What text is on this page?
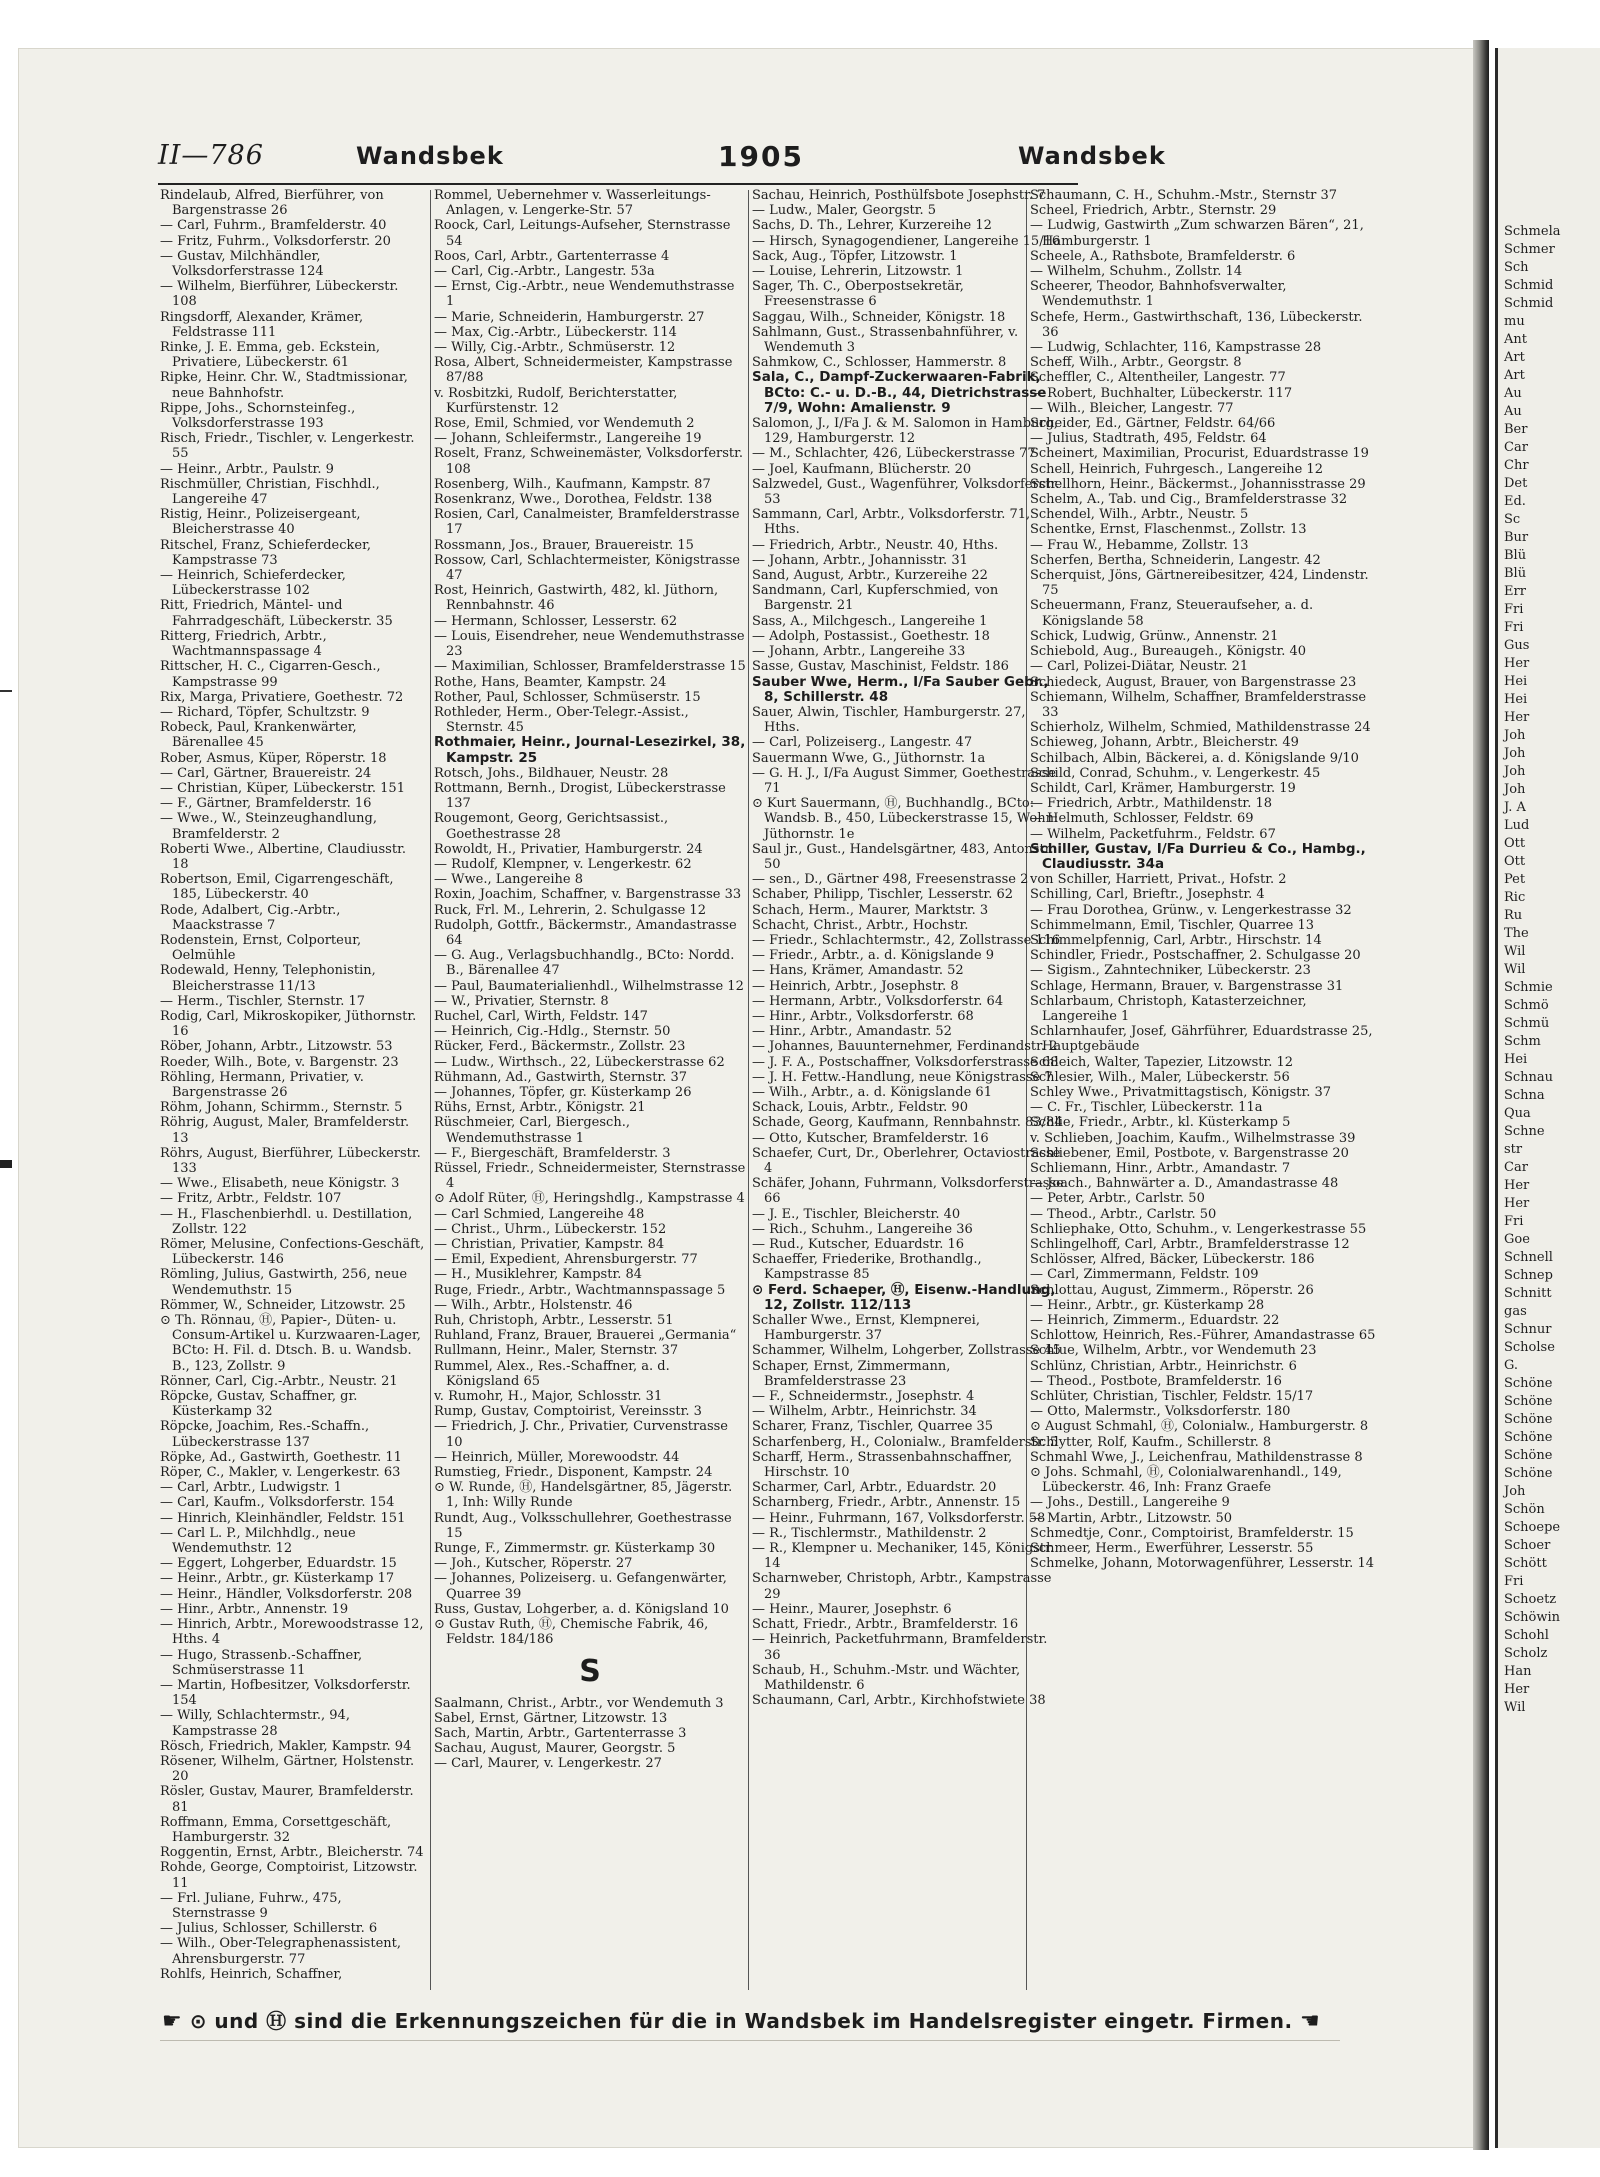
II—786	Wandsbek	1905	Wandsbek

Rindelaub, Alfred, Bierführer, von Bargenstrasse 26

— Carl, Fuhrm., Bramfelderstr. 40

— Fritz, Fuhrm., Volksdorferstr. 20

— Gustav, Milchhändler, Volksdorferstrasse 124

— Wilhelm, Bierführer, Lübeckerstr. 108

Ringsdorff, Alexander, Krämer, Feldstrasse 111

Rinke, J. E. Emma, geb. Eckstein, Privatiere, Lübeckerstr. 61

Ripke, Heinr. Chr. W., Stadtmissionar, neue Bahnhofstr.

Rippe, Johs., Schornsteinfeg., Volksdorferstrasse 193

Risch, Friedr., Tischler, v. Lengerkestr. 55

— Heinr., Arbtr., Paulstr. 9

Rischmüller, Christian, Fischhdl., Langereihe 47

Ristig, Heinr., Polizeisergeant, Bleicherstrasse 40

Ritschel, Franz, Schieferdecker, Kampstrasse 73

— Heinrich, Schieferdecker, Lübeckerstrasse 102

Ritt, Friedrich, Mäntel- und Fahrradgeschäft, Lübeckerstr. 35

Ritterg, Friedrich, Arbtr., Wachtmannspassage 4

Rittscher, H. C., Cigarren-Gesch., Kampstrasse 99

Rix, Marga, Privatiere, Goethestr. 72

— Richard, Töpfer, Schultzstr. 9

Robeck, Paul, Krankenwärter, Bärenallee 45

Rober, Asmus, Küper, Röperstr. 18

— Carl, Gärtner, Brauereistr. 24

— Christian, Küper, Lübeckerstr. 151

— F., Gärtner, Bramfelderstr. 16

— Wwe., W., Steinzeughandlung, Bramfelderstr. 2

Roberti Wwe., Albertine, Claudiusstr. 18

Robertson, Emil, Cigarrengeschäft, 185, Lübeckerstr. 40

Rode, Adalbert, Cig.-Arbtr., Maackstrasse 7

Rodenstein, Ernst, Colporteur, Oelmühle

Rodewald, Henny, Telephonistin, Bleicherstrasse 11/13

— Herm., Tischler, Sternstr. 17

Rodig, Carl, Mikroskopiker, Jüthornstr. 16

Röber, Johann, Arbtr., Litzowstr. 53

Roeder, Wilh., Bote, v. Bargenstr. 23

Röhling, Hermann, Privatier, v. Bargenstrasse 26

Röhm, Johann, Schirmm., Sternstr. 5

Röhrig, August, Maler, Bramfelderstr. 13

Röhrs, August, Bierführer, Lübeckerstr. 133

— Wwe., Elisabeth, neue Königstr. 3

— Fritz, Arbtr., Feldstr. 107

— H., Flaschenbierhdl. u. Destillation, Zollstr. 122

Römer, Melusine, Confections-Geschäft, Lübeckerstr. 146

Römling, Julius, Gastwirth, 256, neue Wendemuthstr. 15

Römmer, W., Schneider, Litzowstr. 25

⊙ Th. Rönnau, Ⓗ, Papier-, Düten- u. Consum-Artikel u. Kurzwaaren-Lager, BCto: H. Fil. d. Dtsch. B. u. Wandsb. B., 123, Zollstr. 9

Rönner, Carl, Cig.-Arbtr., Neustr. 21

Röpcke, Gustav, Schaffner, gr. Küsterkamp 32

Röpcke, Joachim, Res.-Schaffn., Lübeckerstrasse 137

Röpke, Ad., Gastwirth, Goethestr. 11

Röper, C., Makler, v. Lengerkestr. 63

— Carl, Arbtr., Ludwigstr. 1

— Carl, Kaufm., Volksdorferstr. 154

— Hinrich, Kleinhändler, Feldstr. 151

— Carl L. P., Milchhdlg., neue Wendemuthstr. 12

— Eggert, Lohgerber, Eduardstr. 15

— Heinr., Arbtr., gr. Küsterkamp 17

— Heinr., Händler, Volksdorferstr. 208

— Hinr., Arbtr., Annenstr. 19

— Hinrich, Arbtr., Morewoodstrasse 12, Hths. 4

— Hugo, Strassenb.-Schaffner, Schmüserstrasse 11

— Martin, Hofbesitzer, Volksdorferstr. 154

— Willy, Schlachtermstr., 94, Kampstrasse 28

Rösch, Friedrich, Makler, Kampstr. 94

Rösener, Wilhelm, Gärtner, Holstenstr. 20

Rösler, Gustav, Maurer, Bramfelderstr. 81

Roffmann, Emma, Corsettgeschäft, Hamburgerstr. 32

Roggentin, Ernst, Arbtr., Bleicherstr. 74

Rohde, George, Comptoirist, Litzowstr. 11

— Frl. Juliane, Fuhrw., 475, Sternstrasse 9

— Julius, Schlosser, Schillerstr. 6

— Wilh., Ober-Telegraphenassistent, Ahrensburgerstr. 77

Rohlfs, Heinrich, Schaffner,

Rommel, Uebernehmer v. Wasserleitungs-Anlagen, v. Lengerke-Str. 57

Roock, Carl, Leitungs-Aufseher, Sternstrasse 54

Roos, Carl, Arbtr., Gartenterrasse 4

— Carl, Cig.-Arbtr., Langestr. 53a

— Ernst, Cig.-Arbtr., neue Wendemuthstrasse 1

— Marie, Schneiderin, Hamburgerstr. 27

— Max, Cig.-Arbtr., Lübeckerstr. 114

— Willy, Cig.-Arbtr., Schmüserstr. 12

Rosa, Albert, Schneidermeister, Kampstrasse 87/88

v. Rosbitzki, Rudolf, Berichterstatter, Kurfürstenstr. 12

Rose, Emil, Schmied, vor Wendemuth 2

— Johann, Schleifermstr., Langereihe 19

Roselt, Franz, Schweinemäster, Volksdorferstr. 108

Rosenberg, Wilh., Kaufmann, Kampstr. 87

Rosenkranz, Wwe., Dorothea, Feldstr. 138

Rosien, Carl, Canalmeister, Bramfelderstrasse 17

Rossmann, Jos., Brauer, Brauereistr. 15

Rossow, Carl, Schlachtermeister, Königstrasse 47

Rost, Heinrich, Gastwirth, 482, kl. Jüthorn, Rennbahnstr. 46

— Hermann, Schlosser, Lesserstr. 62

— Louis, Eisendreher, neue Wendemuthstrasse 23

— Maximilian, Schlosser, Bramfelderstrasse 15

Rothe, Hans, Beamter, Kampstr. 24

Rother, Paul, Schlosser, Schmüserstr. 15

Rothleder, Herm., Ober-Telegr.-Assist., Sternstr. 45

Rothmaier, Heinr., Journal-Lesezirkel, 38, Kampstr. 25

Rotsch, Johs., Bildhauer, Neustr. 28

Rottmann, Bernh., Drogist, Lübeckerstrasse 137

Rougemont, Georg, Gerichtsassist., Goethestrasse 28

Rowoldt, H., Privatier, Hamburgerstr. 24

— Rudolf, Klempner, v. Lengerkestr. 62

— Wwe., Langereihe 8

Roxin, Joachim, Schaffner, v. Bargenstrasse 33

Ruck, Frl. M., Lehrerin, 2. Schulgasse 12

Rudolph, Gottfr., Bäckermstr., Amandastrasse 64

— G. Aug., Verlagsbuchhandlg., BCto: Nordd. B., Bärenallee 47

— Paul, Baumaterialienhdl., Wilhelmstrasse 12

— W., Privatier, Sternstr. 8

Ruchel, Carl, Wirth, Feldstr. 147

— Heinrich, Cig.-Hdlg., Sternstr. 50

Rücker, Ferd., Bäckermstr., Zollstr. 23

— Ludw., Wirthsch., 22, Lübeckerstrasse 62

Rühmann, Ad., Gastwirth, Sternstr. 37

— Johannes, Töpfer, gr. Küsterkamp 26

Rühs, Ernst, Arbtr., Königstr. 21

Rüschmeier, Carl, Biergesch., Wendemuthstrasse 1

— F., Biergeschäft, Bramfelderstr. 3

Rüssel, Friedr., Schneidermeister, Sternstrasse 4

⊙ Adolf Rüter, Ⓗ, Heringshdlg., Kampstrasse 4

— Carl Schmied, Langereihe 48

— Christ., Uhrm., Lübeckerstr. 152

— Christian, Privatier, Kampstr. 84

— Emil, Expedient, Ahrensburgerstr. 77

— H., Musiklehrer, Kampstr. 84

Ruge, Friedr., Arbtr., Wachtmannspassage 5

— Wilh., Arbtr., Holstenstr. 46

Ruh, Christoph, Arbtr., Lesserstr. 51

Ruhland, Franz, Brauer, Brauerei „Germania“

Rullmann, Heinr., Maler, Sternstr. 37

Rummel, Alex., Res.-Schaffner, a. d. Königsland 65

v. Rumohr, H., Major, Schlosstr. 31

Rump, Gustav, Comptoirist, Vereinsstr. 3

— Friedrich, J. Chr., Privatier, Curvenstrasse 10

— Heinrich, Müller, Morewoodstr. 44

Rumstieg, Friedr., Disponent, Kampstr. 24

⊙ W. Runde, Ⓗ, Handelsgärtner, 85, Jägerstr. 1, Inh: Willy Runde

Rundt, Aug., Volksschullehrer, Goethestrasse 15

Runge, F., Zimmermstr. gr. Küsterkamp 30

— Joh., Kutscher, Röperstr. 27

— Johannes, Polizeiserg. u. Gefangenwärter, Quarree 39

Russ, Gustav, Lohgerber, a. d. Königsland 10

⊙ Gustav Ruth, Ⓗ, Chemische Fabrik, 46, Feldstr. 184/186

S

Saalmann, Christ., Arbtr., vor Wendemuth 3

Sabel, Ernst, Gärtner, Litzowstr. 13

Sach, Martin, Arbtr., Gartenterrasse 3

Sachau, August, Maurer, Georgstr. 5

— Carl, Maurer, v. Lengerkestr. 27

Sachau, Heinrich, Posthülfsbote Josephstr. 7

— Ludw., Maler, Georgstr. 5

Sachs, D. Th., Lehrer, Kurzereihe 12

— Hirsch, Synagogendiener, Langereihe 15/16

Sack, Aug., Töpfer, Litzowstr. 1

— Louise, Lehrerin, Litzowstr. 1

Sager, Th. C., Oberpostsekretär, Freesenstrasse 6

Saggau, Wilh., Schneider, Königstr. 18

Sahlmann, Gust., Strassenbahnführer, v. Wendemuth 3

Sahmkow, C., Schlosser, Hammerstr. 8

Sala, C., Dampf-Zuckerwaaren-Fabrik, BCto: C.- u. D.-B., 44, Dietrichstrasse 7/9, Wohn: Amalienstr. 9

Salomon, J., I/Fa J. & M. Salomon in Hamburg, 129, Hamburgerstr. 12

— M., Schlachter, 426, Lübeckerstrasse 77

— Joel, Kaufmann, Blücherstr. 20

Salzwedel, Gust., Wagenführer, Volksdorferstr. 53

Sammann, Carl, Arbtr., Volksdorferstr. 71, Hths.

— Friedrich, Arbtr., Neustr. 40, Hths.

— Johann, Arbtr., Johannisstr. 31

Sand, August, Arbtr., Kurzereihe 22

Sandmann, Carl, Kupferschmied, von Bargenstr. 21

Sass, A., Milchgesch., Langereihe 1

— Adolph, Postassist., Goethestr. 18

— Johann, Arbtr., Langereihe 33

Sasse, Gustav, Maschinist, Feldstr. 186

Sauber Wwe, Herm., I/Fa Sauber Gebr., 8, Schillerstr. 48

Sauer, Alwin, Tischler, Hamburgerstr. 27, Hths.

— Carl, Polizeiserg., Langestr. 47

Sauermann Wwe, G., Jüthornstr. 1a

— G. H. J., I/Fa August Simmer, Goethestrasse 71

⊙ Kurt Sauermann, Ⓗ, Buchhandlg., BCto: Wandsb. B., 450, Lübeckerstrasse 15, Wohn: Jüthornstr. 1e

Saul jr., Gust., Handelsgärtner, 483, Antonstr. 50

— sen., D., Gärtner 498, Freesenstrasse 2

Schaber, Philipp, Tischler, Lesserstr. 62

Schach, Herm., Maurer, Marktstr. 3

Schacht, Christ., Arbtr., Hochstr.

— Friedr., Schlachtermstr., 42, Zollstrasse 116

— Friedr., Arbtr., a. d. Königslande 9

— Hans, Krämer, Amandastr. 52

— Heinrich, Arbtr., Josephstr. 8

— Hermann, Arbtr., Volksdorferstr. 64

— Hinr., Arbtr., Volksdorferstr. 68

— Hinr., Arbtr., Amandastr. 52

— Johannes, Bauunternehmer, Ferdinandstr. 2

— J. F. A., Postschaffner, Volksdorferstrasse 68

— J. H. Fettw.-Handlung, neue Königstrasse 7

— Wilh., Arbtr., a. d. Königslande 61

Schack, Louis, Arbtr., Feldstr. 90

Schade, Georg, Kaufmann, Rennbahnstr. 83/84

— Otto, Kutscher, Bramfelderstr. 16

Schaefer, Curt, Dr., Oberlehrer, Octaviostrasse 4

Schäfer, Johann, Fuhrmann, Volksdorferstrasse 66

— J. E., Tischler, Bleicherstr. 40

— Rich., Schuhm., Langereihe 36

— Rud., Kutscher, Eduardstr. 16

Schaeffer, Friederike, Brothandlg., Kampstrasse 85

⊙ Ferd. Schaeper, Ⓗ, Eisenw.-Handlung, 12, Zollstr. 112/113

Schaller Wwe., Ernst, Klempnerei, Hamburgerstr. 37

Schammer, Wilhelm, Lohgerber, Zollstrasse 45

Schaper, Ernst, Zimmermann, Bramfelderstrasse 23

— F., Schneidermstr., Josephstr. 4

— Wilhelm, Arbtr., Heinrichstr. 34

Scharer, Franz, Tischler, Quarree 35

Scharfenberg, H., Colonialw., Bramfelderstr. 5

Scharff, Herm., Strassenbahnschaffner, Hirschstr. 10

Scharmer, Carl, Arbtr., Eduardstr. 20

Scharnberg, Friedr., Arbtr., Annenstr. 15

— Heinr., Fuhrmann, 167, Volksdorferstr. 58

— R., Tischlermstr., Mathildenstr. 2

— R., Klempner u. Mechaniker, 145, Königstr. 14

Scharnweber, Christoph, Arbtr., Kampstrasse 29

— Heinr., Maurer, Josephstr. 6

Schatt, Friedr., Arbtr., Bramfelderstr. 16

— Heinrich, Packetfuhrmann, Bramfelderstr. 36

Schaub, H., Schuhm.-Mstr. und Wächter, Mathildenstr. 6

Schaumann, Carl, Arbtr., Kirchhofstwiete 38

Schaumann, C. H., Schuhm.-Mstr., Sternstr 37

Scheel, Friedrich, Arbtr., Sternstr. 29

— Ludwig, Gastwirth „Zum schwarzen Bären“, 21, Hamburgerstr. 1

Scheele, A., Rathsbote, Bramfelderstr. 6

— Wilhelm, Schuhm., Zollstr. 14

Scheerer, Theodor, Bahnhofsverwalter, Wendemuthstr. 1

Schefe, Herm., Gastwirthschaft, 136, Lübeckerstr. 36

— Ludwig, Schlachter, 116, Kampstrasse 28

Scheff, Wilh., Arbtr., Georgstr. 8

Scheffler, C., Altentheiler, Langestr. 77

— Robert, Buchhalter, Lübeckerstr. 117

— Wilh., Bleicher, Langestr. 77

Scheider, Ed., Gärtner, Feldstr. 64/66

— Julius, Stadtrath, 495, Feldstr. 64

Scheinert, Maximilian, Procurist, Eduardstrasse 19

Schell, Heinrich, Fuhrgesch., Langereihe 12

Schellhorn, Heinr., Bäckermst., Johannisstrasse 29

Schelm, A., Tab. und Cig., Bramfelderstrasse 32

Schendel, Wilh., Arbtr., Neustr. 5

Schentke, Ernst, Flaschenmst., Zollstr. 13

— Frau W., Hebamme, Zollstr. 13

Scherfen, Bertha, Schneiderin, Langestr. 42

Scherquist, Jöns, Gärtnereibesitzer, 424, Lindenstr. 75

Scheuermann, Franz, Steueraufseher, a. d. Königslande 58

Schick, Ludwig, Grünw., Annenstr. 21

Schiebold, Aug., Bureaugeh., Königstr. 40

— Carl, Polizei-Diätar, Neustr. 21

Schiedeck, August, Brauer, von Bargenstrasse 23

Schiemann, Wilhelm, Schaffner, Bramfelderstrasse 33

Schierholz, Wilhelm, Schmied, Mathildenstrasse 24

Schieweg, Johann, Arbtr., Bleicherstr. 49

Schilbach, Albin, Bäckerei, a. d. Königslande 9/10

Schild, Conrad, Schuhm., v. Lengerkestr. 45

Schildt, Carl, Krämer, Hamburgerstr. 19

— Friedrich, Arbtr., Mathildenstr. 18

— Helmuth, Schlosser, Feldstr. 69

— Wilhelm, Packetfuhrm., Feldstr. 67

Schiller, Gustav, I/Fa Durrieu & Co., Hambg., Claudiusstr. 34a

von Schiller, Harriett, Privat., Hofstr. 2

Schilling, Carl, Brieftr., Josephstr. 4

— Frau Dorothea, Grünw., v. Lengerkestrasse 32

Schimmelmann, Emil, Tischler, Quarree 13

Schimmelpfennig, Carl, Arbtr., Hirschstr. 14

Schindler, Friedr., Postschaffner, 2. Schulgasse 20

— Sigism., Zahntechniker, Lübeckerstr. 23

Schlage, Hermann, Brauer, v. Bargenstrasse 31

Schlarbaum, Christoph, Katasterzeichner, Langereihe 1

Schlarnhaufer, Josef, Gährführer, Eduardstrasse 25, Hauptgebäude

Schleich, Walter, Tapezier, Litzowstr. 12

Schlesier, Wilh., Maler, Lübeckerstr. 56

Schley Wwe., Privatmittagstisch, Königstr. 37

— C. Fr., Tischler, Lübeckerstr. 11a

Schlie, Friedr., Arbtr., kl. Küsterkamp 5

v. Schlieben, Joachim, Kaufm., Wilhelmstrasse 39

Schliebener, Emil, Postbote, v. Bargenstrasse 20

Schliemann, Hinr., Arbtr., Amandastr. 7

— Joach., Bahnwärter a. D., Amandastrasse 48

— Peter, Arbtr., Carlstr. 50

— Theod., Arbtr., Carlstr. 50

Schliephake, Otto, Schuhm., v. Lengerkestrasse 55

Schlingelhoff, Carl, Arbtr., Bramfelderstrasse 12

Schlösser, Alfred, Bäcker, Lübeckerstr. 186

— Carl, Zimmermann, Feldstr. 109

Schlottau, August, Zimmerm., Röperstr. 26

— Heinr., Arbtr., gr. Küsterkamp 28

— Heinrich, Zimmerm., Eduardstr. 22

Schlottow, Heinrich, Res.-Führer, Amandastrasse 65

Schlue, Wilhelm, Arbtr., vor Wendemuth 23

Schlünz, Christian, Arbtr., Heinrichstr. 6

— Theod., Postbote, Bramfelderstr. 16

Schlüter, Christian, Tischler, Feldstr. 15/17

— Otto, Malermstr., Volksdorferstr. 180

⊙ August Schmahl, Ⓗ, Colonialw., Hamburgerstr. 8

Schlytter, Rolf, Kaufm., Schillerstr. 8

Schmahl Wwe, J., Leichenfrau, Mathildenstrasse 8

⊙ Johs. Schmahl, Ⓗ, Colonialwarenhandl., 149, Lübeckerstr. 46, Inh: Franz Graefe

— Johs., Destill., Langereihe 9

— Martin, Arbtr., Litzowstr. 50

Schmedtje, Conr., Comptoirist, Bramfelderstr. 15

Schmeer, Herm., Ewerführer, Lesserstr. 55

Schmelke, Johann, Motorwagenführer, Lesserstr. 14

☛ ⊙ und Ⓗ sind die Erkennungszeichen für die in Wandsbek im Handelsregister eingetr. Firmen. ☚
Schmela
Schmer
Sch
Schmid
Schmid
mu
Ant
Art
Art
Au
Au
Ber
Car
Chr
Det
Ed.
Sc
Bur
Blü
Blü
Err
Fri
Fri
Gus
Her
Hei
Hei
Her
Joh
Joh
Joh
Joh
J. A
Lud
Ott
Ott
Pet
Ric
Ru
The
Wil
Wil
Schmie
Schmö
Schmü
Schm
Hei
Schnau
Schna
Qua
Schne
str
Car
Her
Her
Fri
Goe
Schnell
Schnep
Schnitt
gas
Schnur
Scholse
G.
Schöne
Schöne
Schöne
Schöne
Schöne
Schöne
Joh
Schön
Schoepe
Schoer
Schött
Fri
Schoetz
Schöwin
Schohl
Scholz
Han
Her
Wil
